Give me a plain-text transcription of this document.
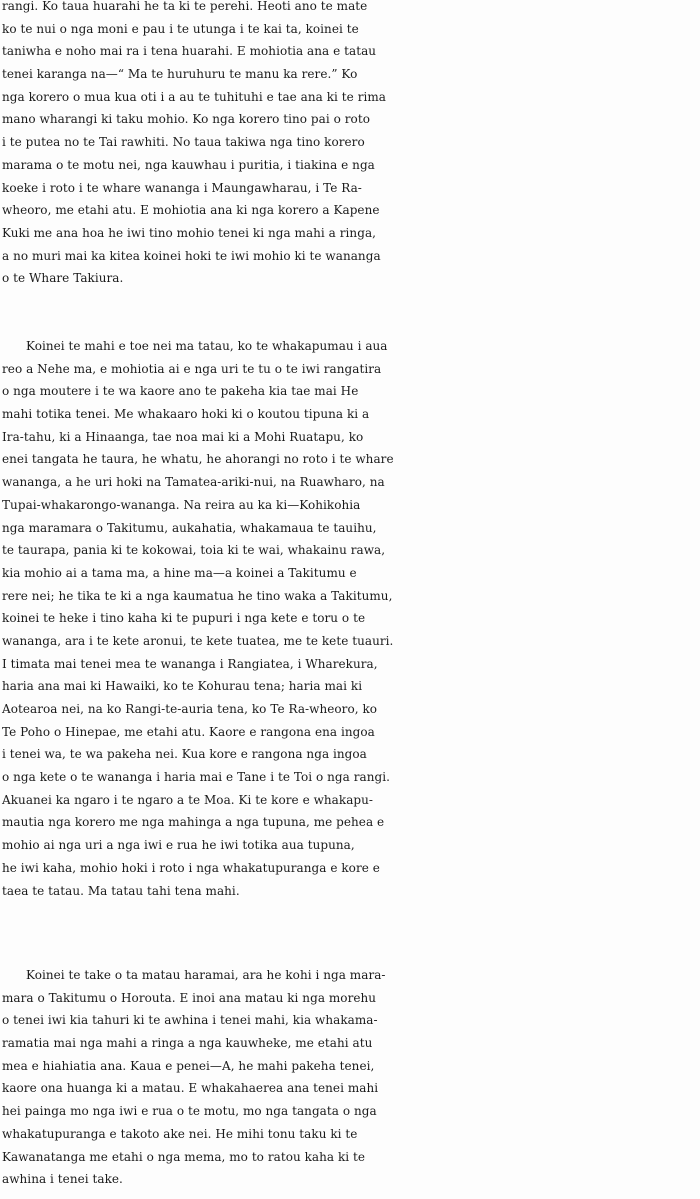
rangi. Ko taua huarahi he ta ki te perehi. Heoti ano te mate
ko te nui o nga moni e pau i te utunga i te kai ta, koinei te
taniwha e noho mai ra i tena huarahi. E mohiotia ana e tatau
tenei karanga na—“ Ma te huruhuru te manu ka rere.” Ko
nga korero o mua kua oti i a au te tuhituhi e tae ana ki te rima
mano wharangi ki taku mohio. Ko nga korero tino pai o roto
i te putea no te Tai rawhiti. No taua takiwa nga tino korero
marama o te motu nei, nga kauwhau i puritia, i tiakina e nga
koeke i roto i te whare wananga i Maungawharau, i Te Ra-
wheoro, me etahi atu. E mohiotia ana ki nga korero a Kapene
Kuki me ana hoa he iwi tino mohio tenei ki nga mahi a ringa,
a no muri mai ka kitea koinei hoki te iwi mohio ki te wananga
o te Whare Takiura.
Koinei te mahi e toe nei ma tatau, ko te whakapumau i aua
reo a Nehe ma, e mohiotia ai e nga uri te tu o te iwi rangatira
o nga moutere i te wa kaore ano te pakeha kia tae mai He
mahi totika tenei. Me whakaaro hoki ki o koutou tipuna ki a
Ira-tahu, ki a Hinaanga, tae noa mai ki a Mohi Ruatapu, ko
enei tangata he taura, he whatu, he ahorangi no roto i te whare
wananga, a he uri hoki na Tamatea-ariki-nui, na Ruawharo, na
Tupai-whakarongo-wananga. Na reira au ka ki—Kohikohia
nga maramara o Takitumu, aukahatia, whakamaua te tauihu,
te taurapa, pania ki te kokowai, toia ki te wai, whakainu rawa,
kia mohio ai a tama ma, a hine ma—a koinei a Takitumu e
rere nei; he tika te ki a nga kaumatua he tino waka a Takitumu,
koinei te heke i tino kaha ki te pupuri i nga kete e toru o te
wananga, ara i te kete aronui, te kete tuatea, me te kete tuauri.
I timata mai tenei mea te wananga i Rangiatea, i Wharekura,
haria ana mai ki Hawaiki, ko te Kohurau tena; haria mai ki
Aotearoa nei, na ko Rangi-te-auria tena, ko Te Ra-wheoro, ko
Te Poho o Hinepae, me etahi atu. Kaore e rangona ena ingoa
i tenei wa, te wa pakeha nei. Kua kore e rangona nga ingoa
o nga kete o te wananga i haria mai e Tane i te Toi o nga rangi.
Akuanei ka ngaro i te ngaro a te Moa. Ki te kore e whakapu-
mautia nga korero me nga mahinga a nga tupuna, me pehea e
mohio ai nga uri a nga iwi e rua he iwi totika aua tupuna,
he iwi kaha, mohio hoki i roto i nga whakatupuranga e kore e
taea te tatau. Ma tatau tahi tena mahi.
Koinei te take o ta matau haramai, ara he kohi i nga mara-
mara o Takitumu o Horouta. E inoi ana matau ki nga morehu
o tenei iwi kia tahuri ki te awhina i tenei mahi, kia whakama-
ramatia mai nga mahi a ringa a nga kauwheke, me etahi atu
mea e hiahiatia ana. Kaua e penei—A, he mahi pakeha tenei,
kaore ona huanga ki a matau. E whakahaerea ana tenei mahi
hei painga mo nga iwi e rua o te motu, mo nga tangata o nga
whakatupuranga e takoto ake nei. He mihi tonu taku ki te
Kawanatanga me etahi o nga mema, mo to ratou kaha ki te
awhina i tenei take.
